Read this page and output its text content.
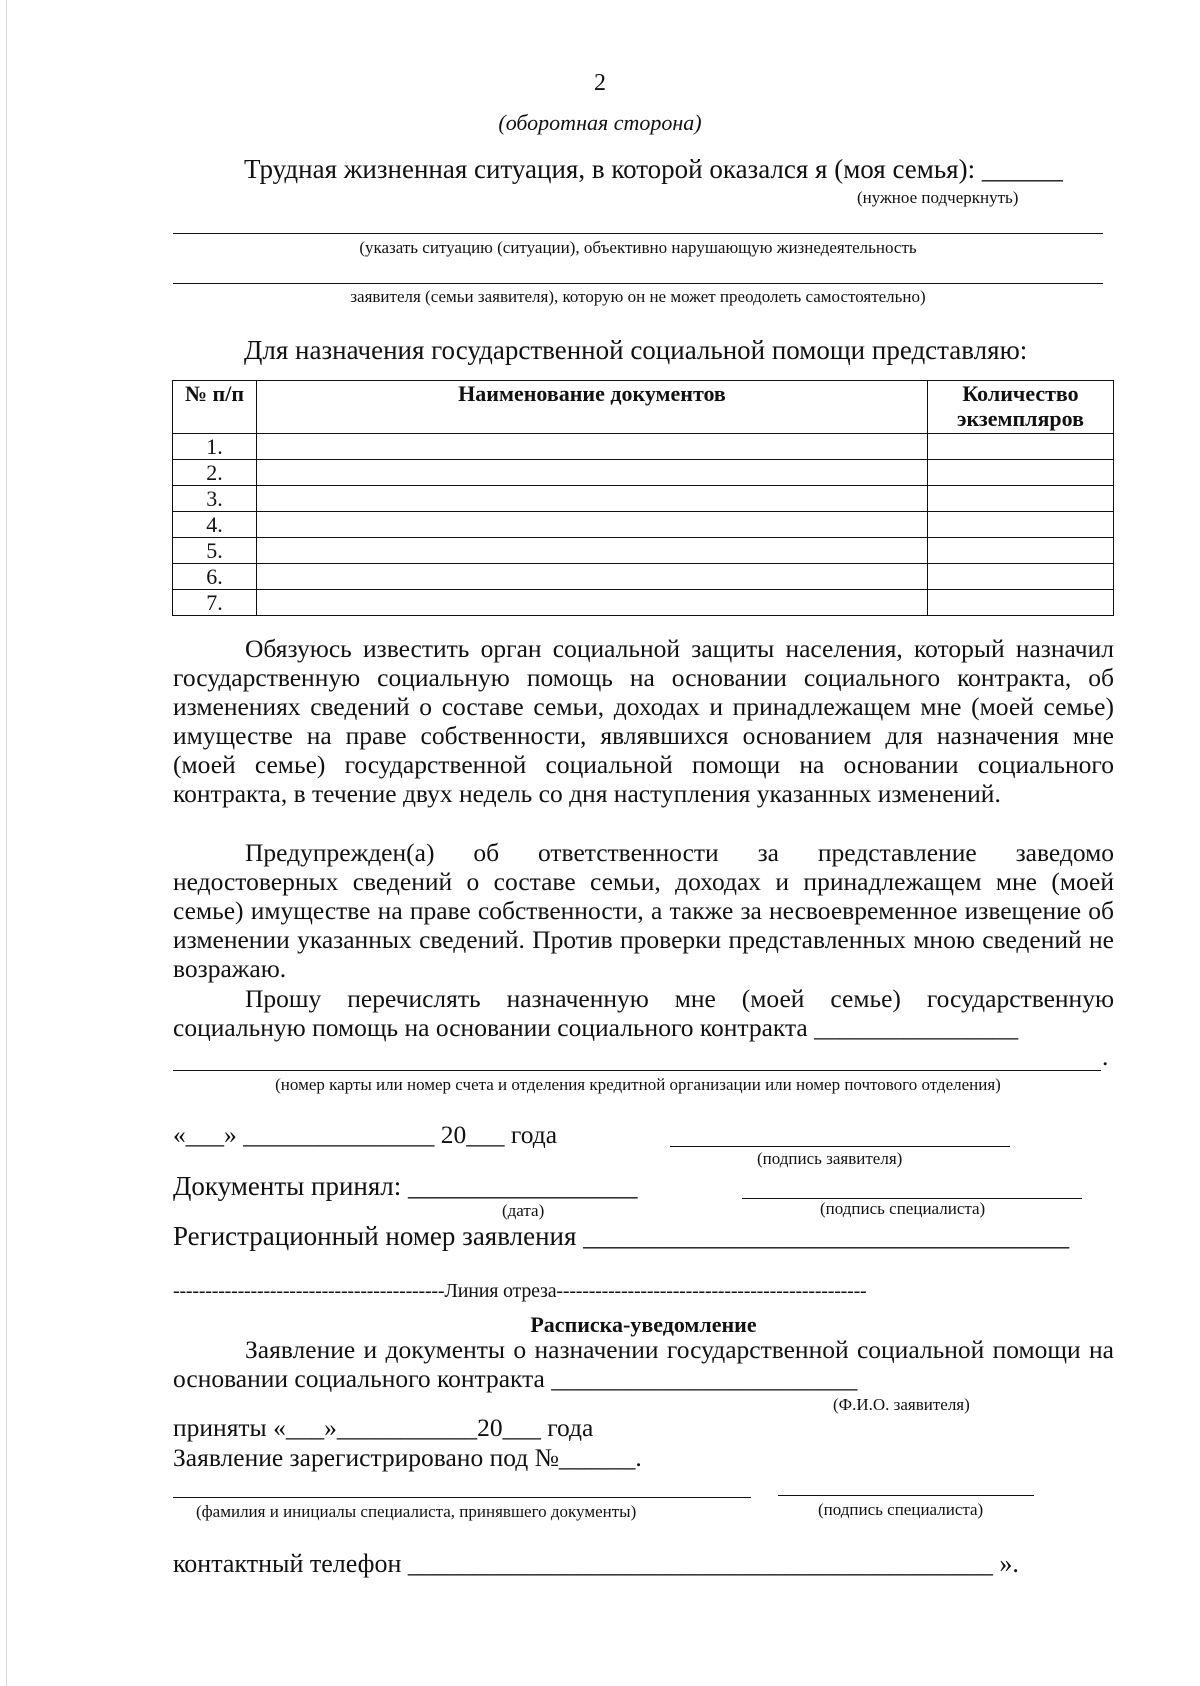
2
(оборотная сторона)
Трудная жизненная ситуация, в которой оказался я (моя семья): ______
(нужное подчеркнуть)
(указать ситуацию (ситуации), объективно нарушающую жизнедеятельность
заявителя (семьи заявителя), которую он не может преодолеть самостоятельно)
Для назначения государственной социальной помощи представляю:
№ п/п	Наименование документов	Количество экземпляров
1.		
2.		
3.		
4.		
5.		
6.		
7.		
Обязуюсь известить орган социальной защиты населения, который назначил государственную социальную помощь на основании социального контракта, об изменениях сведений о составе семьи, доходах и принадлежащем мне (моей семье) имуществе на праве собственности, являвшихся основанием для назначения мне (моей семье) государственной социальной помощи на основании социального контракта, в течение двух недель со дня наступления указанных изменений.
Предупрежден(а) об ответственности за представление заведомо недостоверных сведений о составе семьи, доходах и принадлежащем мне (моей семье) имуществе на праве собственности, а также за несвоевременное извещение об изменении указанных сведений. Против проверки представленных мною сведений не возражаю.
Прошу перечислять назначенную мне (моей семье) государственную социальную помощь на основании социального контракта ________________
.
(номер карты или номер счета и отделения кредитной организации или номер почтового отделения)
«___» _______________ 20___ года
(подпись заявителя)
Документы принял: _________________
(дата)	(подпись специалиста)
Регистрационный номер заявления ____________________________________
------------------------------------------Линия отреза------------------------------------------------
Расписка-уведомление
Заявление и документы о назначении государственной социальной помощи на основании социального контракта ________________________
(Ф.И.О. заявителя)
приняты «___»___________20___ года
Заявление зарегистрировано под №______.
(фамилия и инициалы специалиста, принявшего документы)	(подпись специалиста)
контактный телефон _____________________________________________ ».
